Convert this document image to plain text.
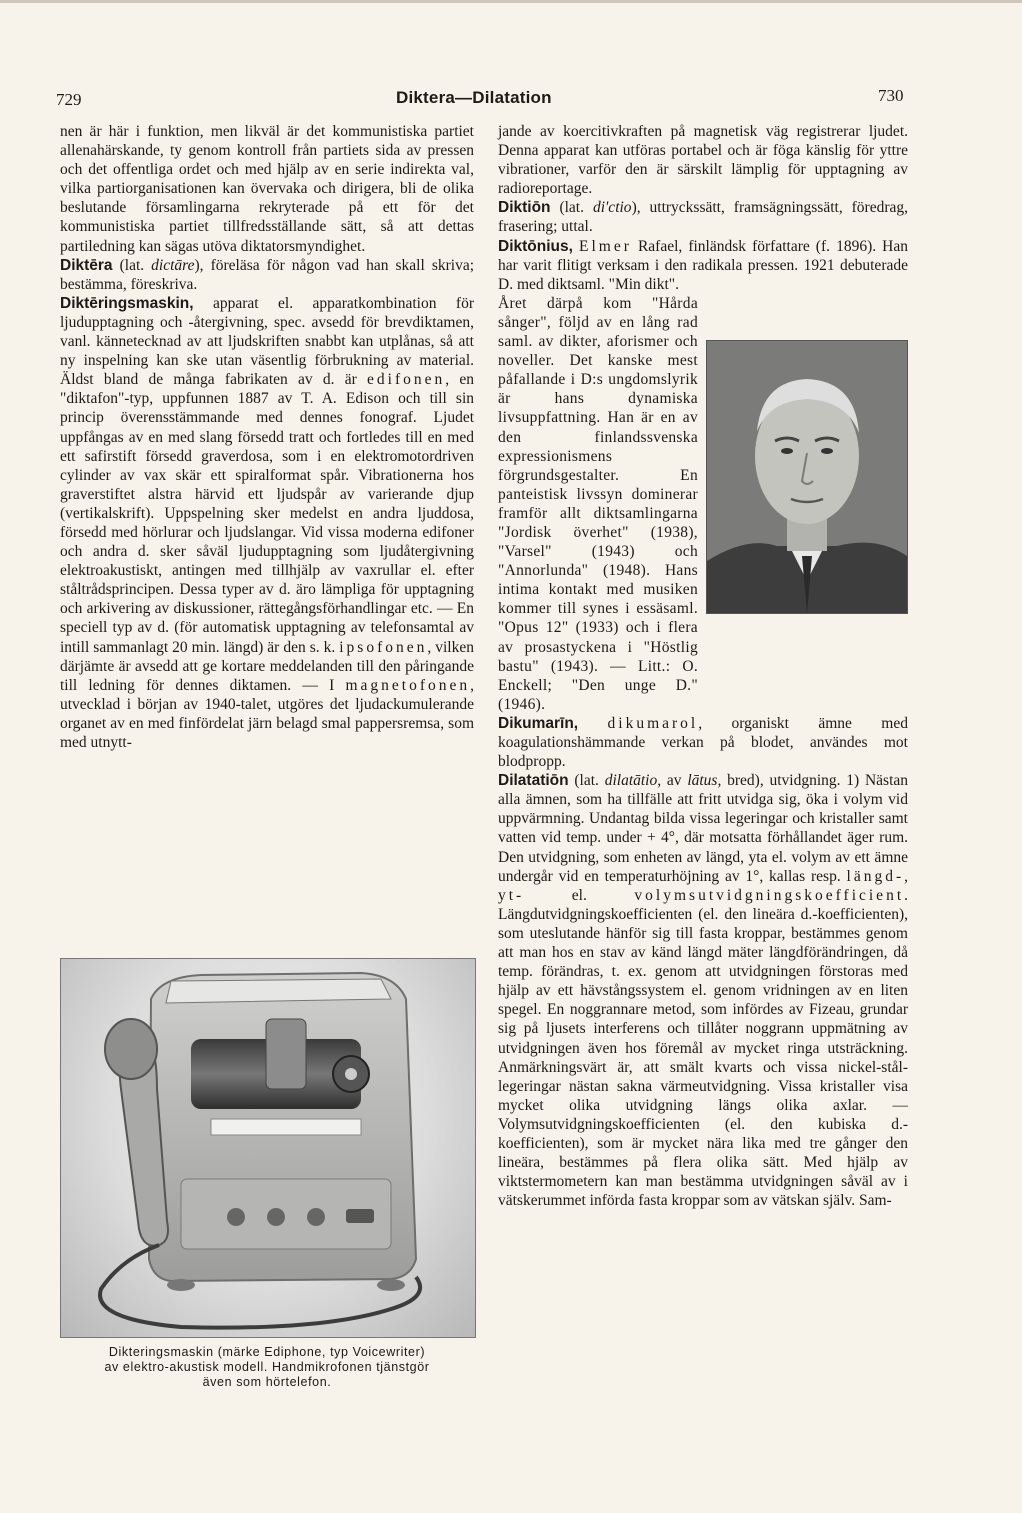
729	Diktera—Dilatation	730

nen är här i funktion, men likväl är det kommunistiska partiet allenahärskande, ty genom kontroll från partiets sida av pressen och det offentliga ordet och med hjälp av en serie indirekta val, vilka partiorganisationen kan övervaka och dirigera, bli de olika beslutande församlingarna rekryterade på ett för det kommunistiska partiet tillfredsställande sätt, så att dettas partiledning kan sägas utöva diktatorsmyndighet.

Diktēra (lat. dictāre), föreläsa för någon vad han skall skriva; bestämma, föreskriva.

Diktēringsmaskin, apparat el. apparatkombination för ljudupptagning och -återgivning, spec. avsedd för brevdiktamen, vanl. kännetecknad av att ljudskriften snabbt kan utplånas, så att ny inspelning kan ske utan väsentlig förbrukning av material. Äldst bland de många fabrikaten av d. är edifonen, en "diktafon"-typ, uppfunnen 1887 av T. A. Edison och till sin princip överensstämmande med dennes fonograf. Ljudet uppfångas av en med slang försedd tratt och fortledes till en med ett safirstift försedd graverdosa, som i en elektromotordriven cylinder av vax skär ett spiralformat spår. Vibrationerna hos graverstiftet alstra härvid ett ljudspår av varierande djup (vertikalskrift). Uppspelning sker medelst en andra ljuddosa, försedd med hörlurar och ljudslangar. Vid vissa moderna edifoner och andra d. sker såväl ljudupptagning som ljudåtergivning elektroakustiskt, antingen med tillhjälp av vaxrullar el. efter ståltrådsprincipen. Dessa typer av d. äro lämpliga för upptagning och arkivering av diskussioner, rättegångsförhandlingar etc. — En speciell typ av d. (för automatisk upptagning av telefonsamtal av intill sammanlagt 20 min. längd) är den s. k. ipsofonen, vilken därjämte är avsedd att ge kortare meddelanden till den påringande till ledning för dennes diktamen. — I magnetofonen, utvecklad i början av 1940-talet, utgöres det ljudackumulerande organet av en med finfördelat järn belagd smal pappersremsa, som med utnytt-

Dikteringsmaskin (märke Ediphone, typ Voicewriter)
av elektro-akustisk modell. Handmikrofonen tjänstgör
även som hörtelefon.

jande av koercitivkraften på magnetisk väg registrerar ljudet. Denna apparat kan utföras portabel och är föga känslig för yttre vibrationer, varför den är särskilt lämplig för upptagning av radioreportage.

Diktiōn (lat. di'ctio), uttryckssätt, framsägningssätt, föredrag, frasering; uttal.

Diktōnius, Elmer Rafael, finländsk författare (f. 1896). Han har varit flitigt verksam i den radikala pressen. 1921 debuterade D. med diktsaml. "Min dikt".

Året därpå kom "Hårda sånger", följd av en lång rad saml. av dikter, aforismer och noveller. Det kanske mest påfallande i D:s ungdomslyrik är hans dynamiska livsuppfattning. Han är en av den finlandssvenska expressionismens förgrundsgestalter. En panteistisk livssyn dominerar framför allt diktsamlingarna "Jordisk överhet" (1938), "Varsel" (1943) och "Annorlunda" (1948). Hans intima kontakt med musiken kommer till synes i essäsaml. "Opus 12" (1933) och i flera av prosastyckena i "Höstlig bastu" (1943). — Litt.: O. Enckell; "Den unge D." (1946).

Dikumarīn, dikumarol, organiskt ämne med koagulationshämmande verkan på blodet, användes mot blodpropp.

Dilatatiōn (lat. dilatātio, av lātus, bred), utvidgning. 1) Nästan alla ämnen, som ha tillfälle att fritt utvidga sig, öka i volym vid uppvärmning. Undantag bilda vissa legeringar och kristaller samt vatten vid temp. under + 4°, där motsatta förhållandet äger rum. Den utvidgning, som enheten av längd, yta el. volym av ett ämne undergår vid en temperaturhöjning av 1°, kallas resp. längd-, yt- el. volymsutvidgningskoefficient. Längdutvidgningskoefficienten (el. den lineära d.-koefficienten), som uteslutande hänför sig till fasta kroppar, bestämmes genom att man hos en stav av känd längd mäter längdförändringen, då temp. förändras, t. ex. genom att utvidgningen förstoras med hjälp av ett hävstångssystem el. genom vridningen av en liten spegel. En noggrannare metod, som infördes av Fizeau, grundar sig på ljusets interferens och tillåter noggrann uppmätning av utvidgningen även hos föremål av mycket ringa utsträckning. Anmärkningsvärt är, att smält kvarts och vissa nickel-stål-legeringar nästan sakna värmeutvidgning. Vissa kristaller visa mycket olika utvidgning längs olika axlar. — Volymsutvidgningskoefficienten (el. den kubiska d.-koefficienten), som är mycket nära lika med tre gånger den lineära, bestämmes på flera olika sätt. Med hjälp av viktstermometern kan man bestämma utvidgningen såväl av i vätskerummet införda fasta kroppar som av vätskan själv. Sam-
